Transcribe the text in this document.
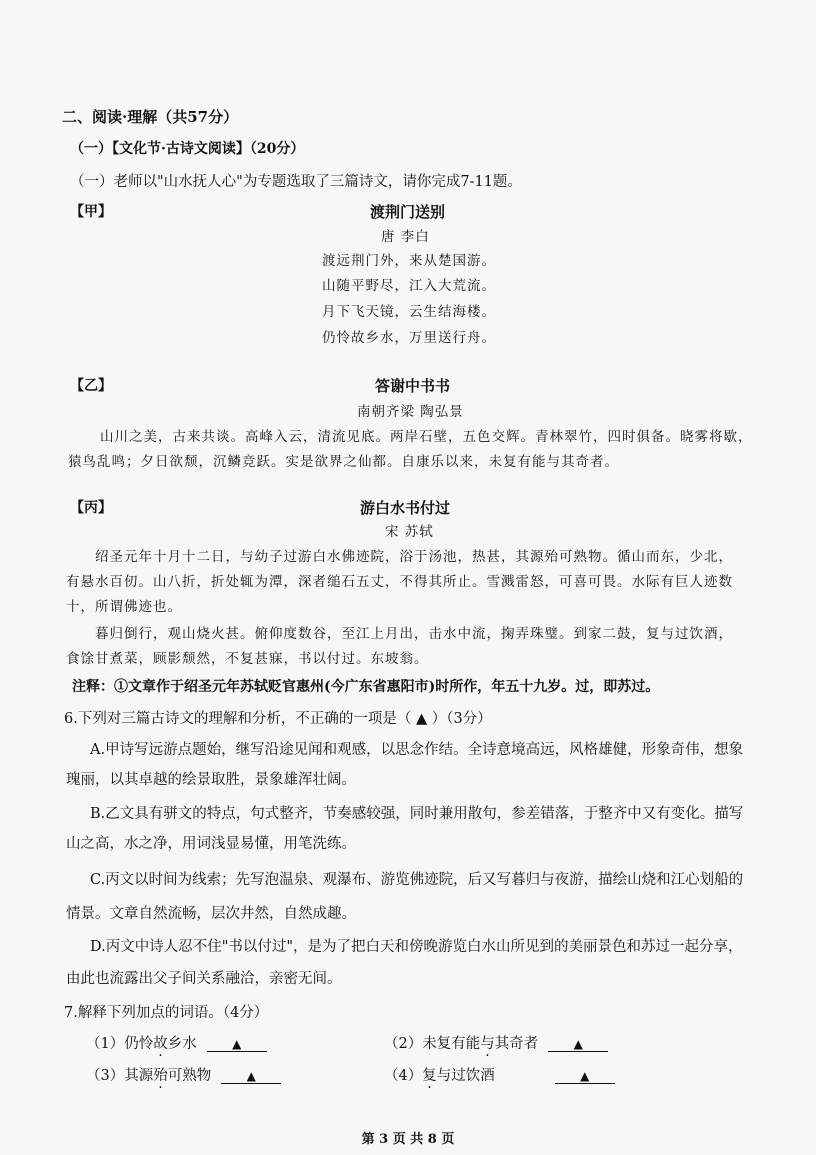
二、阅读·理解（共57分）
（一）【文化节·古诗文阅读】（20分）
（一）老师以"山水抚人心"为专题选取了三篇诗文，请你完成7-11题。
【甲】	渡荆门送别
唐 李白
渡远荆门外，来从楚国游。
山随平野尽，江入大荒流。
月下飞天镜，云生结海楼。
仍怜故乡水，万里送行舟。
【乙】	答谢中书书
南朝齐梁 陶弘景
山川之美，古来共谈。高峰入云，清流见底。两岸石壁，五色交辉。青林翠竹，四时俱备。晓雾将歇，
猿鸟乱鸣；夕日欲颓，沉鳞竞跃。实是欲界之仙都。自康乐以来，未复有能与其奇者。
【丙】	游白水书付过
宋 苏轼
绍圣元年十月十二日，与幼子过游白水佛迹院，浴于汤池，热甚，其源殆可熟物。循山而东，少北，
有悬水百仞。山八折，折处辄为潭，深者缒石五丈，不得其所止。雪溅雷怒，可喜可畏。水际有巨人迹数
十，所谓佛迹也。
暮归倒行，观山烧火甚。俯仰度数谷，至江上月出，击水中流，掬弄珠璧。到家二鼓，复与过饮酒，
食馀甘煮菜，顾影颓然，不复甚寐，书以付过。东坡翁。
注释：①文章作于绍圣元年苏轼贬官惠州(今广东省惠阳市)时所作，年五十九岁。过，即苏过。
6.下列对三篇古诗文的理解和分析，不正确的一项是（ ▲ ）（3分）
A.甲诗写远游点题始，继写沿途见闻和观感，以思念作结。全诗意境高远，风格雄健，形象奇伟，想象
瑰丽，以其卓越的绘景取胜，景象雄浑壮阔。
B.乙文具有骈文的特点，句式整齐，节奏感较强，同时兼用散句，参差错落，于整齐中又有变化。描写
山之高，水之净，用词浅显易懂，用笔洗练。
C.丙文以时间为线索；先写泡温泉、观瀑布、游览佛迹院，后又写暮归与夜游，描绘山烧和江心划船的
情景。文章自然流畅，层次井然，自然成趣。
D.丙文中诗人忍不住"书以付过"，是为了把白天和傍晚游览白水山所见到的美丽景色和苏过一起分享，
由此也流露出父子间关系融洽，亲密无间。
7.解释下列加点的词语。（4分）
（1）仍怜故乡水	▲	（2）未复有能与其奇者	▲
（3）其源殆可熟物	▲	（4）复与过饮酒	▲
第 3 页 共 8 页
